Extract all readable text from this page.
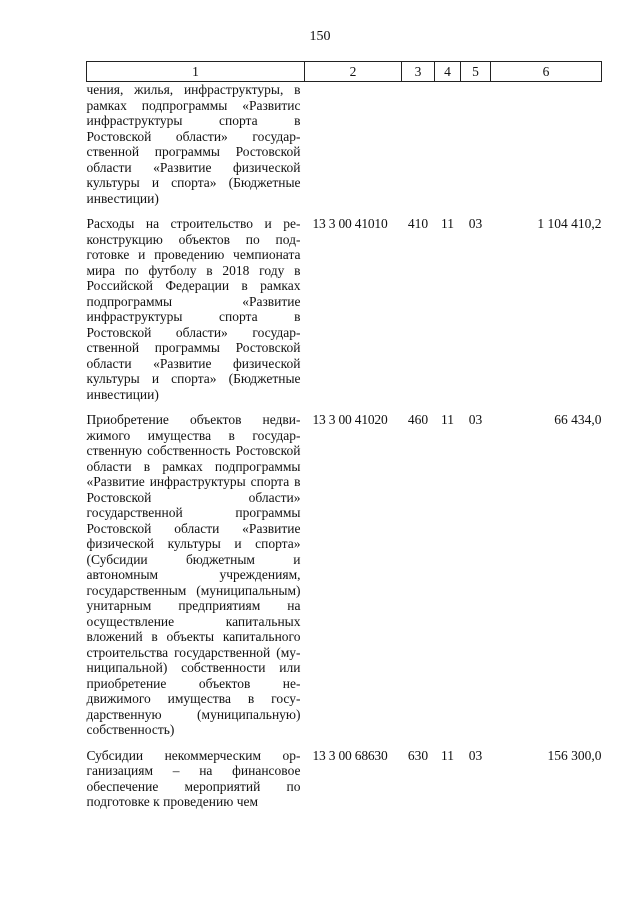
150
1	2	3	4	5	6
чения, жилья, инфраструктуры, в рамках подпрограммы «Развитис инфраструктуры спорта в Ростовской области» государственной программы Ростовской области «Развитие физической культуры и спорта» (Бюджетные инвестиции)					
Расходы на строительство и реконструкцию объектов по подготовке и проведению чемпионата мира по футболу в 2018 году в Российской Федерации в рамках подпрограммы «Развитие инфраструктуры спорта в Ростовской области» государственной программы Ростовской области «Развитие физической культуры и спорта» (Бюджетные инвестиции)	13 3 00 41010	410	11	03	1 104 410,2
Приобретение объектов недвижимого имущества в государственную собственность Ростовской области в рамках подпрограммы «Развитие инфраструктуры спорта в Ростовской области» государственной программы Ростовской области «Развитие физической культуры и спорта» (Субсидии бюджетным и автономным учреждениям, государственным (муниципальным) унитарным предприятиям на осуществление капитальных вложений в объекты капитального строительства государственной (муниципальной) собственности или приобретение объектов недвижимого имущества в государственную (муниципальную) собственность)	13 3 00 41020	460	11	03	66 434,0
Субсидии некоммерческим организациям – на финансовое обеспечение мероприятий по подготовке к проведению чем	13 3 00 68630	630	11	03	156 300,0
